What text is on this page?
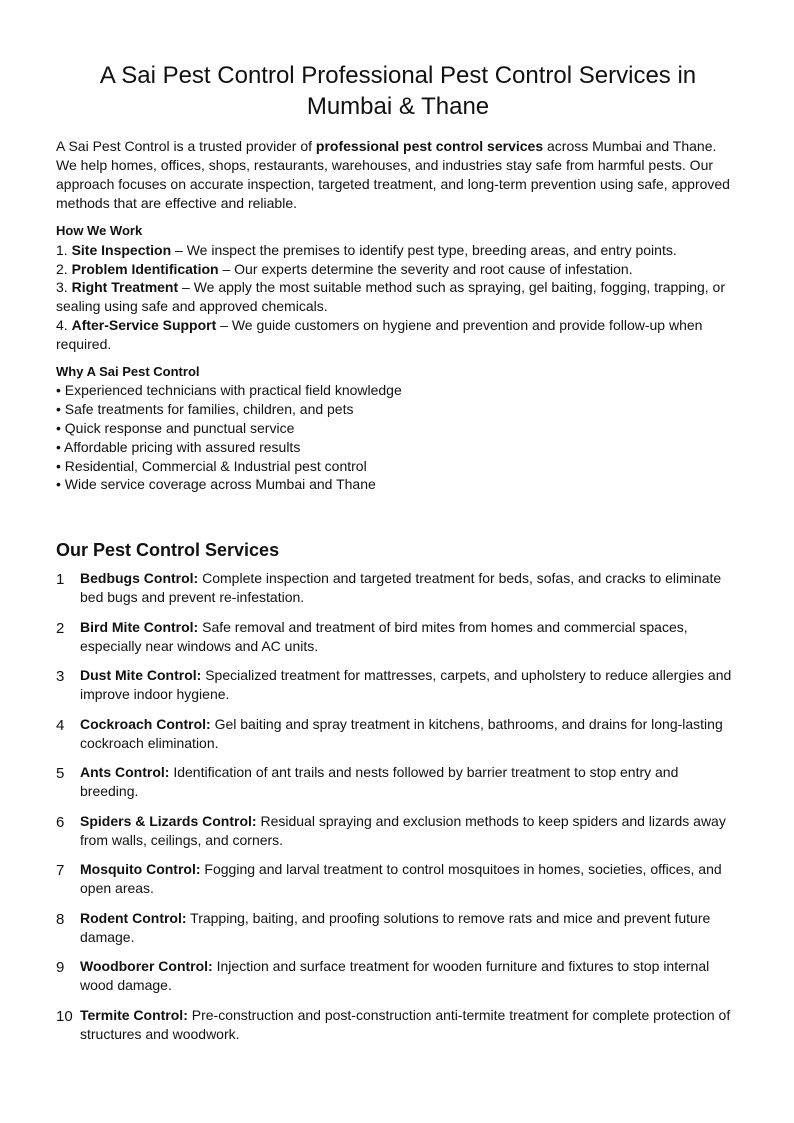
A Sai Pest Control Professional Pest Control Services in Mumbai & Thane

A Sai Pest Control is a trusted provider of professional pest control services across Mumbai and Thane. We help homes, offices, shops, restaurants, warehouses, and industries stay safe from harmful pests. Our approach focuses on accurate inspection, targeted treatment, and long-term prevention using safe, approved methods that are effective and reliable.

How We Work
1. Site Inspection – We inspect the premises to identify pest type, breeding areas, and entry points.
2. Problem Identification – Our experts determine the severity and root cause of infestation.
3. Right Treatment – We apply the most suitable method such as spraying, gel baiting, fogging, trapping, or sealing using safe and approved chemicals.
4. After-Service Support – We guide customers on hygiene and prevention and provide follow-up when required.
Why A Sai Pest Control
• Experienced technicians with practical field knowledge
• Safe treatments for families, children, and pets
• Quick response and punctual service
• Affordable pricing with assured results
• Residential, Commercial & Industrial pest control
• Wide service coverage across Mumbai and Thane
Our Pest Control Services
1	Bedbugs Control: Complete inspection and targeted treatment for beds, sofas, and cracks to eliminate bed bugs and prevent re-infestation.
2	Bird Mite Control: Safe removal and treatment of bird mites from homes and commercial spaces, especially near windows and AC units.
3	Dust Mite Control: Specialized treatment for mattresses, carpets, and upholstery to reduce allergies and improve indoor hygiene.
4	Cockroach Control: Gel baiting and spray treatment in kitchens, bathrooms, and drains for long-lasting cockroach elimination.
5	Ants Control: Identification of ant trails and nests followed by barrier treatment to stop entry and breeding.
6	Spiders & Lizards Control: Residual spraying and exclusion methods to keep spiders and lizards away from walls, ceilings, and corners.
7	Mosquito Control: Fogging and larval treatment to control mosquitoes in homes, societies, offices, and open areas.
8	Rodent Control: Trapping, baiting, and proofing solutions to remove rats and mice and prevent future damage.
9	Woodborer Control: Injection and surface treatment for wooden furniture and fixtures to stop internal wood damage.
10 Termite Control: Pre-construction and post-construction anti-termite treatment for complete protection of structures and woodwork.
